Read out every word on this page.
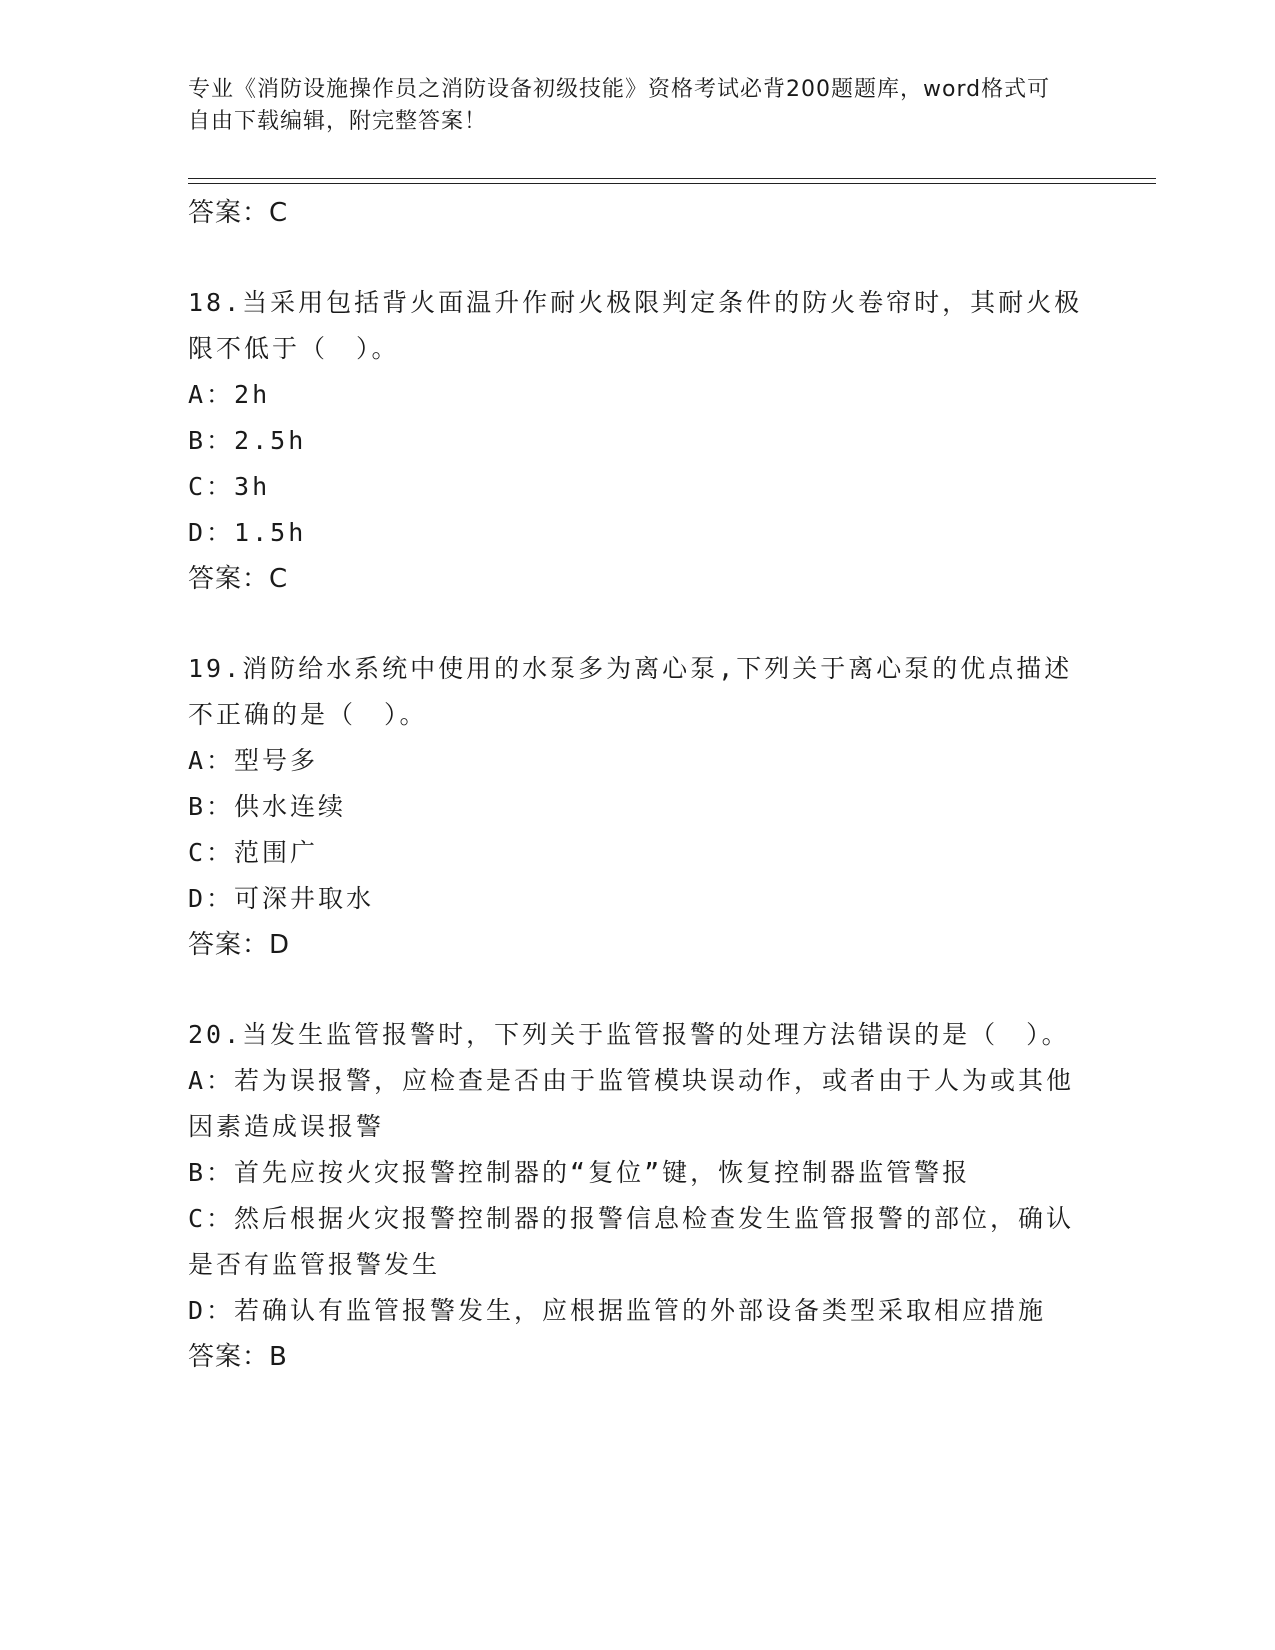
专业《消防设施操作员之消防设备初级技能》资格考试必背200题题库，word格式可自由下载编辑，附完整答案！

答案：C

18.当采用包括背火面温升作耐火极限判定条件的防火卷帘时，其耐火极限不低于（　）。

A：2h

B：2.5h

C：3h

D：1.5h

答案：C

19.消防给水系统中使用的水泵多为离心泵,下列关于离心泵的优点描述不正确的是（　）。

A：型号多

B：供水连续

C：范围广

D：可深井取水

答案：D

20.当发生监管报警时，下列关于监管报警的处理方法错误的是（　）。

A：若为误报警，应检查是否由于监管模块误动作，或者由于人为或其他因素造成误报警

B：首先应按火灾报警控制器的“复位”键，恢复控制器监管警报

C：然后根据火灾报警控制器的报警信息检查发生监管报警的部位，确认是否有监管报警发生

D：若确认有监管报警发生，应根据监管的外部设备类型采取相应措施

答案：B
